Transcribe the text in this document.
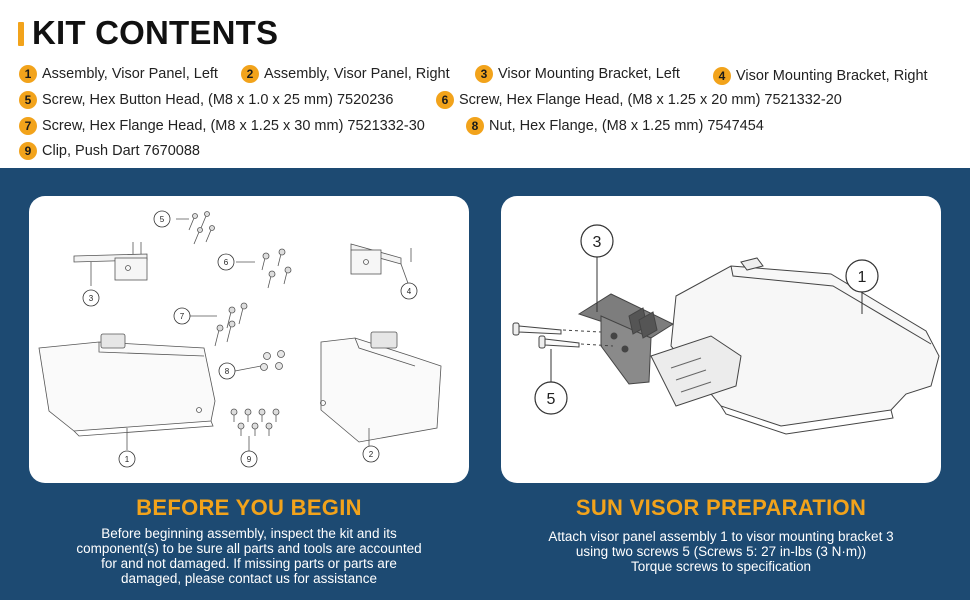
KIT CONTENTS
1 Assembly, Visor Panel, Left	2 Assembly, Visor Panel, Right	3 Visor Mounting Bracket, Left	4 Visor Mounting Bracket, Right
5 Screw, Hex Button Head, (M8 x 1.0 x 25 mm) 7520236	6 Screw, Hex Flange Head, (M8 x 1.25 x 20 mm) 7521332-20
7 Screw, Hex Flange Head, (M8 x 1.25 x 30 mm) 7521332-30	8 Nut, Hex Flange, (M8 x 1.25 mm) 7547454
9 Clip, Push Dart 7670088
1
2
3
4
5
6
7
8
9
3
1
5
BEFORE YOU BEGIN
Before beginning assembly, inspect the kit and its
component(s) to be sure all parts and tools are accounted
for and not damaged. If missing parts or parts are
damaged, please contact us for assistance
SUN VISOR PREPARATION
Attach visor panel assembly 1 to visor mounting bracket 3
using two screws 5 (Screws 5: 27 in-lbs (3 N·m))
Torque screws to specification
